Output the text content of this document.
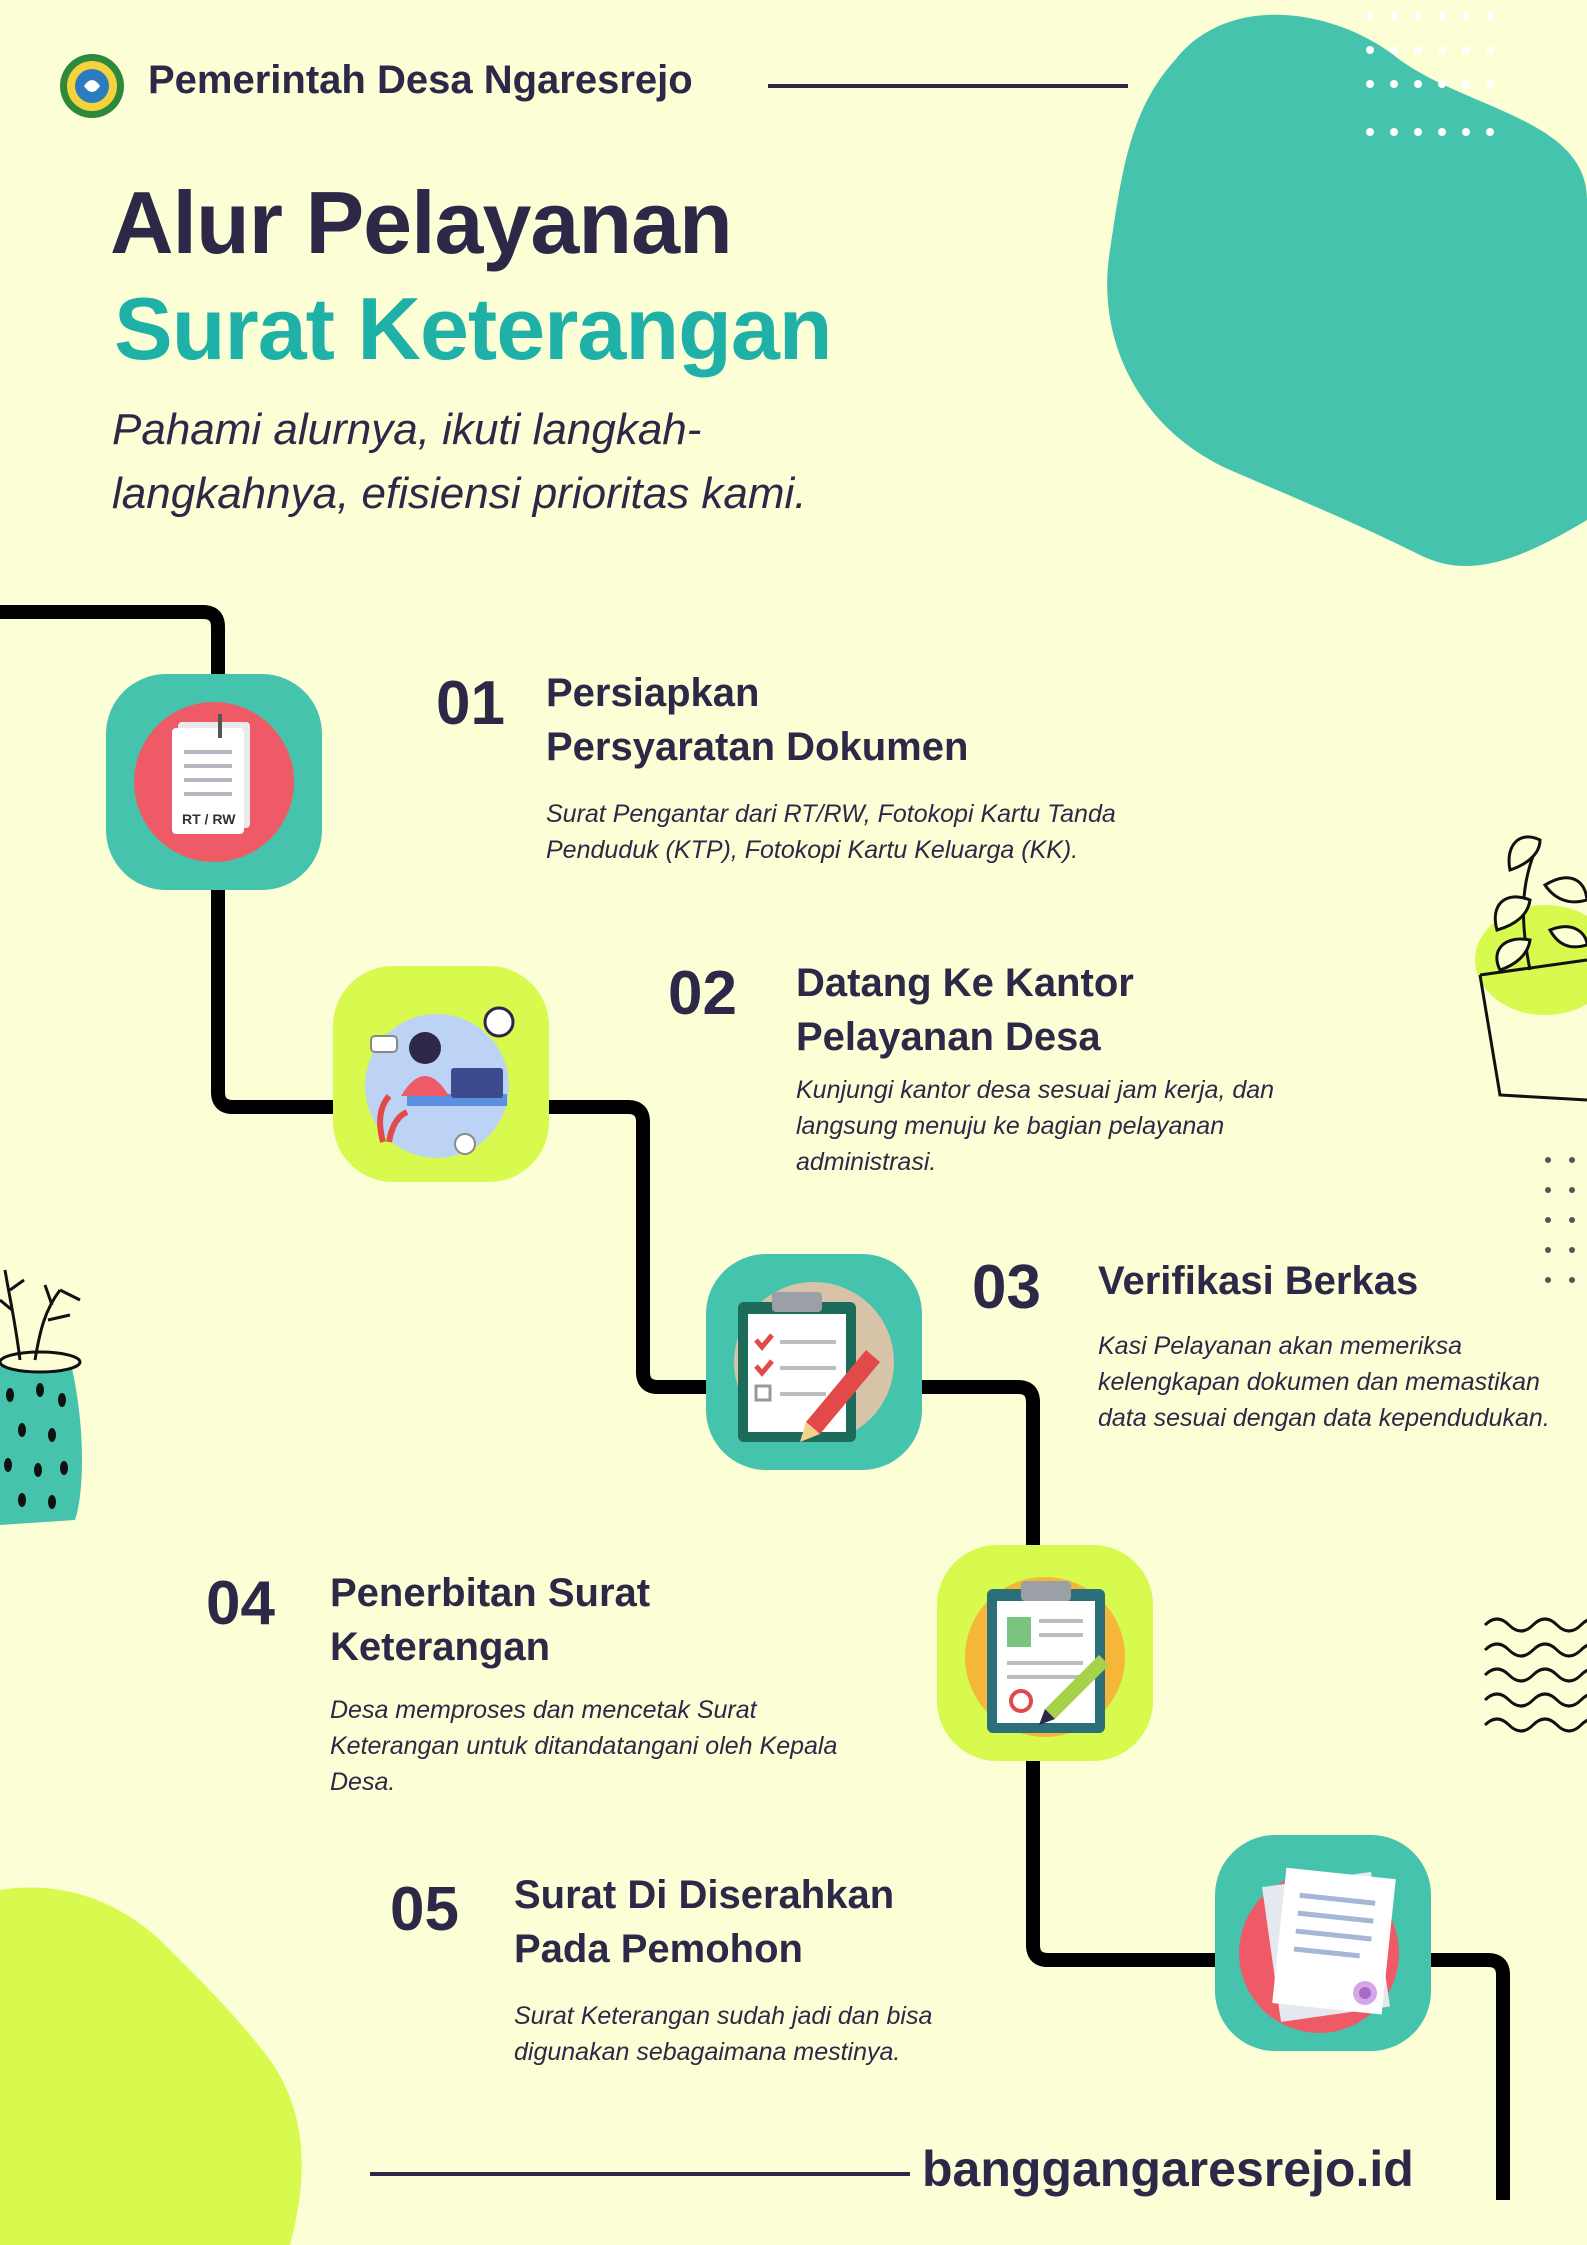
Pemerintah Desa Ngaresrejo
Alur Pelayanan
Surat Keterangan
Pahami alurnya, ikuti langkah-langkahnya, efisiensi prioritas kami.
RT / RW
01 Persiapkan
Persyaratan Dokumen
Surat Pengantar dari RT/RW, Fotokopi Kartu Tanda Penduduk (KTP), Fotokopi Kartu Keluarga (KK).
02 Datang Ke Kantor
Pelayanan Desa
Kunjungi kantor desa sesuai jam kerja, dan langsung menuju ke bagian pelayanan administrasi.
03 Verifikasi Berkas
Kasi Pelayanan akan memeriksa kelengkapan dokumen dan memastikan data sesuai dengan data kependudukan.
04 Penerbitan Surat
Keterangan
Desa memproses dan mencetak Surat Keterangan untuk ditandatangani oleh Kepala Desa.
05 Surat Di Diserahkan
Pada Pemohon
Surat Keterangan sudah jadi dan bisa digunakan sebagaimana mestinya.
banggangaresrejo.id
